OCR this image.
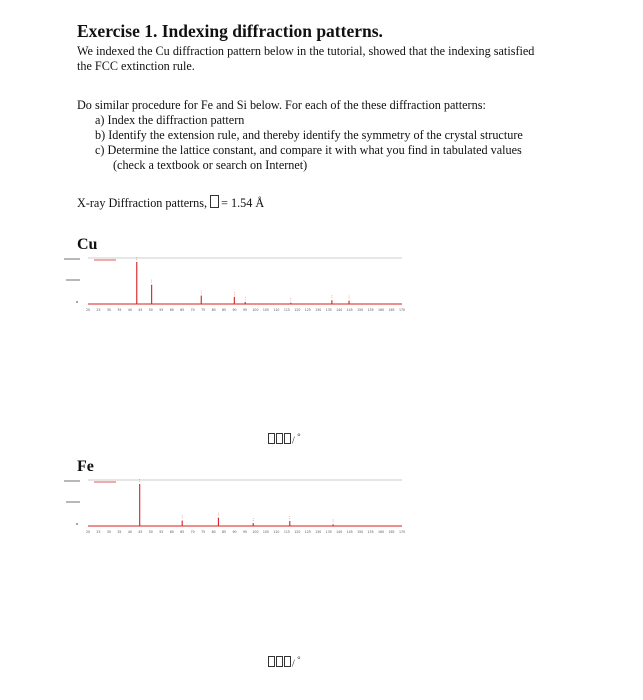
Exercise 1. Indexing diffraction patterns.
We indexed the Cu diffraction pattern below in the tutorial, showed that the indexing satisfied
the FCC extinction rule.
Do similar procedure for Fe and Si below. For each of the these diffraction patterns:
a) Index the diffraction pattern
b) Identify the extension rule, and thereby identify the symmetry of the crystal structure
c) Determine the lattice constant, and compare it with what you find in tabulated values
(check a textbook or search on Internet)
X-ray Diffraction patterns, = 1.54 Å
Cu
20 25 30 35 40 45 50 55 60 65 70 75 80 85 90 95 100 105 110 115 120 125 130 135 140 145 150 155 160 165 170
/ °
Fe
20 25 30 35 40 45 50 55 60 65 70 75 80 85 90 95 100 105 110 115 120 125 130 135 140 145 150 155 160 165 170
/ °
